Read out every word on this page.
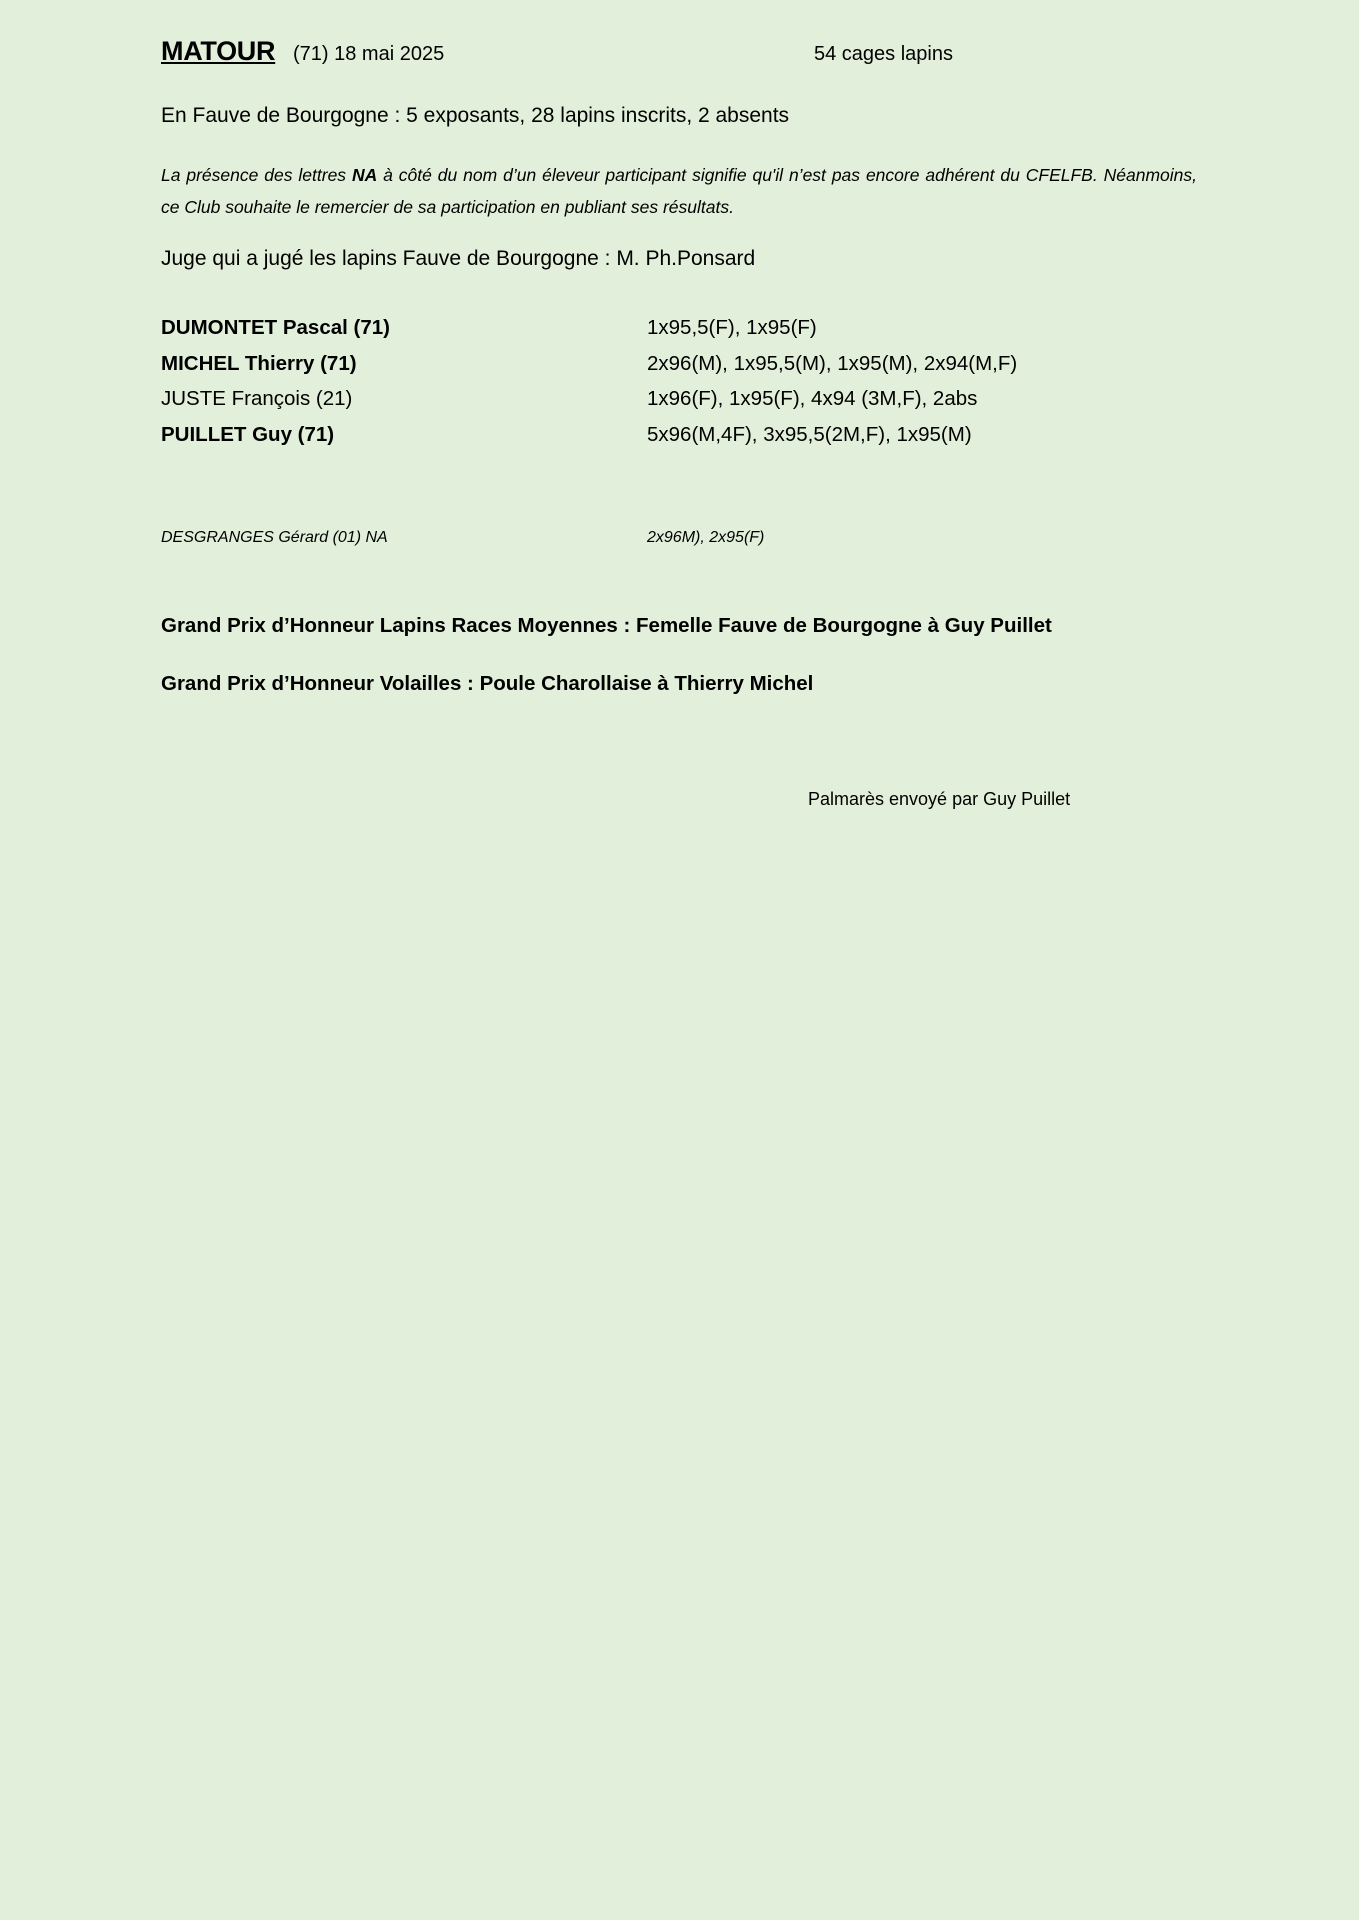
MATOUR (71) 18 mai 2025	54 cages lapins
En Fauve de Bourgogne : 5 exposants, 28 lapins inscrits, 2 absents
La présence des lettres NA à côté du nom d’un éleveur participant signifie qu'il n’est pas encore adhérent du CFELFB. Néanmoins, ce Club souhaite le remercier de sa participation en publiant ses résultats.
Juge qui a jugé les lapins Fauve de Bourgogne : M. Ph.Ponsard
DUMONTET Pascal (71)	1x95,5(F), 1x95(F)
MICHEL Thierry (71)	2x96(M), 1x95,5(M), 1x95(M), 2x94(M,F)
JUSTE François (21)	1x96(F), 1x95(F), 4x94 (3M,F), 2abs
PUILLET Guy (71)	5x96(M,4F), 3x95,5(2M,F), 1x95(M)
DESGRANGES Gérard (01) NA	2x96M), 2x95(F)
Grand Prix d’Honneur Lapins Races Moyennes : Femelle Fauve de Bourgogne à Guy Puillet
Grand Prix d’Honneur Volailles : Poule Charollaise à Thierry Michel
Palmarès envoyé par Guy Puillet
